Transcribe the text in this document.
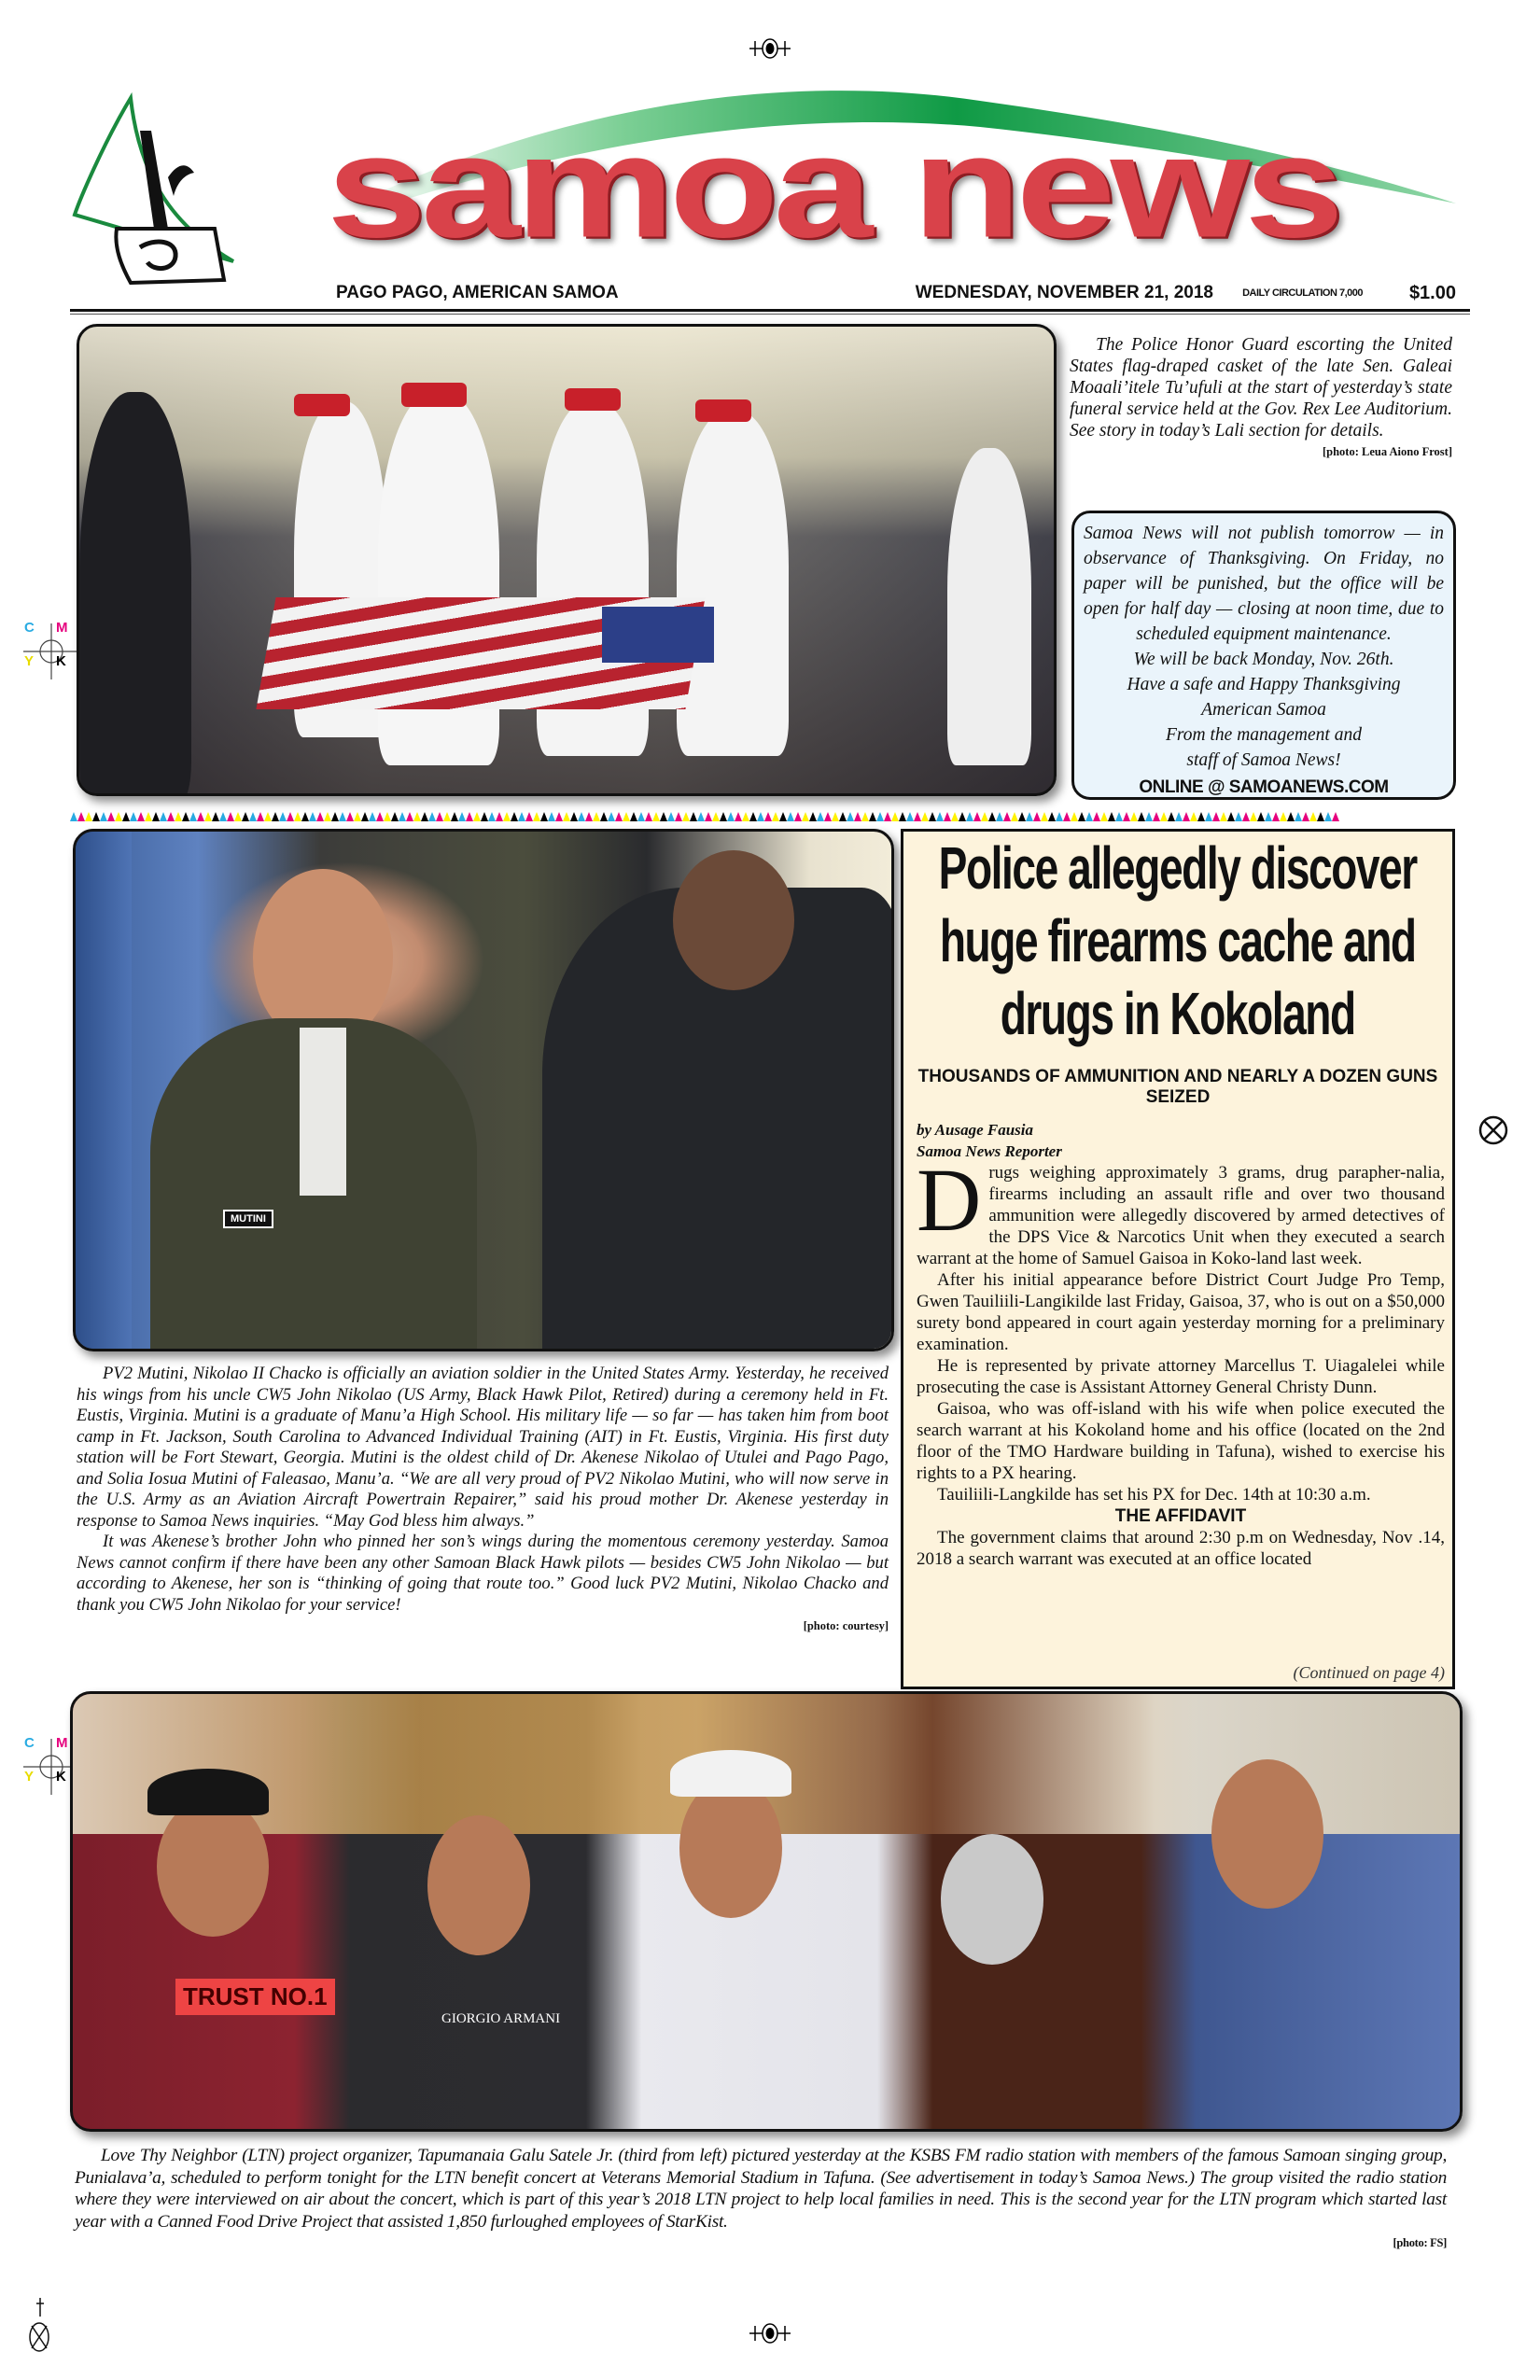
C M
Y K
C M
Y K
samoa news
PAGO PAGO, AMERICAN SAMOA	WEDNESDAY, NOVEMBER 21, 2018	DAILY CIRCULATION 7,000	$1.00

The Police Honor Guard escorting the United States flag-draped casket of the late Sen. Galeai Moaali’itele Tu’ufuli at the start of yesterday’s state funeral service held at the Gov. Rex Lee Auditorium. See story in today’s Lali section for details.

[photo: Leua Aiono Frost]

Samoa News will not publish tomorrow — in observance of Thanksgiving. On Friday, no paper will be punished, but the office will be open for half day — closing at noon time, due to scheduled equipment maintenance.

We will be back Monday, Nov. 26th.

Have a safe and Happy Thanksgiving American Samoa

From the management and staff of Samoa News!

ONLINE @ SAMOANEWS.COM
MUTINI

PV2 Mutini, Nikolao II Chacko is officially an aviation soldier in the United States Army. Yesterday, he received his wings from his uncle CW5 John Nikolao (US Army, Black Hawk Pilot, Retired) during a ceremony held in Ft. Eustis, Virginia. Mutini is a graduate of Manu’a High School. His military life — so far — has taken him from boot camp in Ft. Jackson, South Carolina to Advanced Individual Training (AIT) in Ft. Eustis, Virginia. His first duty station will be Fort Stewart, Georgia. Mutini is the oldest child of Dr. Akenese Nikolao of Utulei and Pago Pago, and Solia Iosua Mutini of Faleasao, Manu’a. “We are all very proud of PV2 Nikolao Mutini, who will now serve in the U.S. Army as an Aviation Aircraft Powertrain Repairer,” said his proud mother Dr. Akenese yesterday in response to Samoa News inquiries. “May God bless him always.”

It was Akenese’s brother John who pinned her son’s wings during the momentous ceremony yesterday. Samoa News cannot confirm if there have been any other Samoan Black Hawk pilots — besides CW5 John Nikolao — but according to Akenese, her son is “thinking of going that route too.” Good luck PV2 Mutini, Nikolao Chacko and thank you CW5 John Nikolao for your service!

[photo: courtesy]
Police allegedly discover huge firearms cache and drugs in Kokoland
THOUSANDS OF AMMUNITION AND NEARLY A DOZEN GUNS SEIZED
by Ausage Fausia
Samoa News Reporter

Drugs weighing approximately 3 grams, drug parapher-nalia, firearms including an assault rifle and over two thousand ammunition were allegedly discovered by armed detectives of the DPS Vice & Narcotics Unit when they executed a search warrant at the home of Samuel Gaisoa in Koko-land last week.

After his initial appearance before District Court Judge Pro Temp, Gwen Tauiliili-Langikilde last Friday, Gaisoa, 37, who is out on a $50,000 surety bond appeared in court again yesterday morning for a preliminary examination.

He is represented by private attorney Marcellus T. Uiagalelei while prosecuting the case is Assistant Attorney General Christy Dunn.

Gaisoa, who was off-island with his wife when police executed the search warrant at his Kokoland home and his office (located on the 2nd floor of the TMO Hardware building in Tafuna), wished to exercise his rights to a PX hearing.

Tauiliili-Langkilde has set his PX for Dec. 14th at 10:30 a.m.

THE AFFIDAVIT

The government claims that around 2:30 p.m on Wednesday, Nov .14, 2018 a search warrant was executed at an office located

(Continued on page 4)
TRUST NO.1
GIORGIO ARMANI

Love Thy Neighbor (LTN) project organizer, Tapumanaia Galu Satele Jr. (third from left) pictured yesterday at the KSBS FM radio station with members of the famous Samoan singing group, Punialava’a, scheduled to perform tonight for the LTN benefit concert at Veterans Memorial Stadium in Tafuna. (See advertisement in today’s Samoa News.) The group visited the radio station where they were interviewed on air about the concert, which is part of this year’s 2018 LTN project to help local families in need. This is the second year for the LTN program which started last year with a Canned Food Drive Project that assisted 1,850 furloughed employees of StarKist.

[photo: FS]
